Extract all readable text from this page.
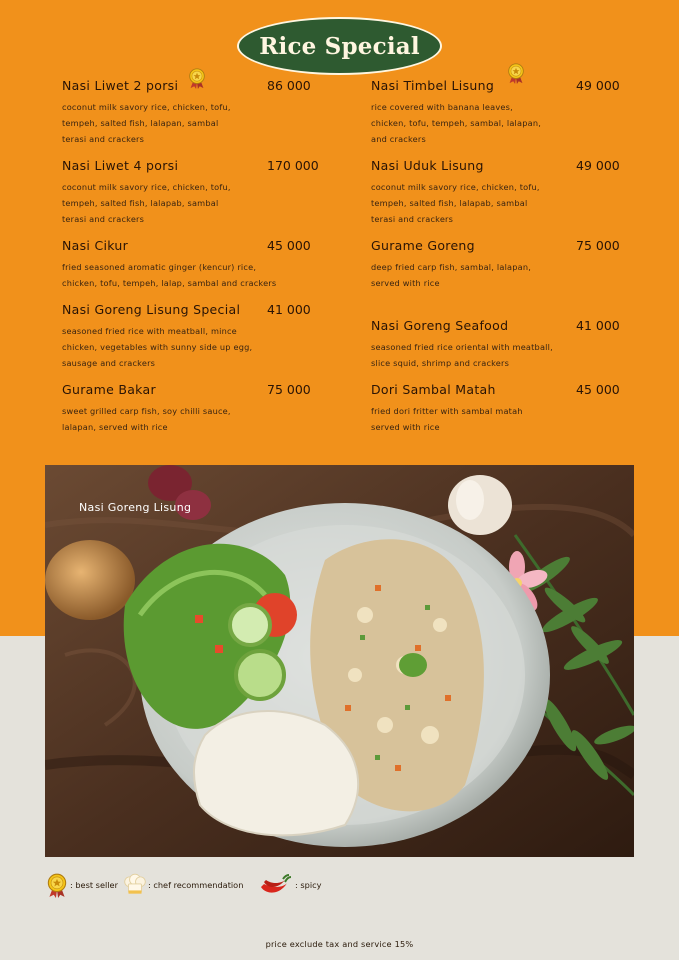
Rice Special
Nasi Liwet 2 porsi	86 000
coconut milk savory rice, chicken, tofu,
tempeh, salted fish, lalapan, sambal
terasi and crackers
Nasi Liwet 4 porsi	170 000
coconut milk savory rice, chicken, tofu,
tempeh, salted fish, lalapab, sambal
terasi and crackers
Nasi Cikur	45 000
fried seasoned aromatic ginger (kencur) rice,
chicken, tofu, tempeh, lalap, sambal and crackers
Nasi Goreng Lisung Special	41 000
seasoned fried rice with meatball, mince
chicken, vegetables with sunny side up egg,
sausage and crackers
Gurame Bakar	75 000
sweet grilled carp fish, soy chilli sauce,
lalapan, served with rice
Nasi Timbel Lisung	49 000
rice covered with banana leaves,
chicken, tofu, tempeh, sambal, lalapan,
and crackers
Nasi Uduk Lisung	49 000
coconut milk savory rice, chicken, tofu,
tempeh, salted fish, lalapab, sambal
terasi and crackers
Gurame Goreng	75 000
deep fried carp fish, sambal, lalapan,
served with rice
Nasi Goreng Seafood	41 000
seasoned fried rice oriental with meatball,
slice squid, shrimp and crackers
Dori Sambal Matah	45 000
fried dori fritter with sambal matah
served with rice
Nasi Goreng Lisung
: best seller	: chef recommendation	: spicy
price exclude tax and service 15%
